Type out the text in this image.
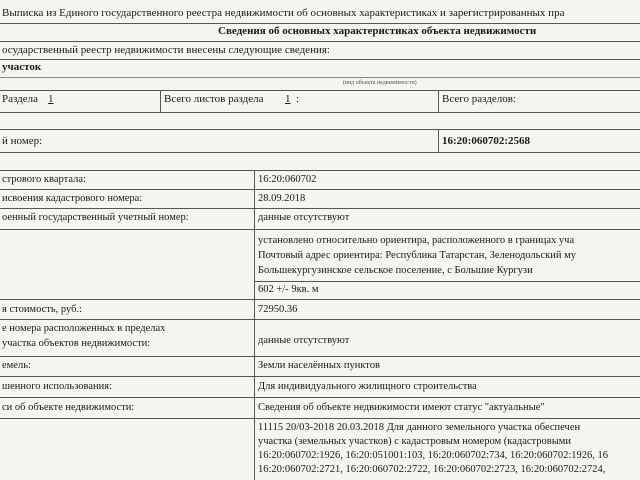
Выписка из Единого государственного реестра недвижимости об основных характеристиках и зарегистрированных пра
Сведения об основных характеристиках объекта недвижимости
осударственный реестр недвижимости внесены следующие сведения:
участок
(вид объекта недвижимости)
Раздела 1	Всего листов раздела 1 :	Всего разделов:
й номер:	16:20:060702:2568
стрового квартала:	16:20:060702
исвоения кадастрового номера:	28.09.2018
оенный государственный учетный номер:	данные отсутствуют
установлено относительно ориентира, расположенного в границах уча
Почтовый адрес ориентира: Республика Татарстан, Зеленодольский му
Большекургузинское сельское поселение, с Большие Кургузи
602 +/- 9кв. м
я стоимость, руб.:	72950.36
е номера расположенных в пределах
участка объектов недвижимости:	данные отсутствуют
емель:	Земли населённых пунктов
шенного использования:	Для индивидуального жилищного строительства
си об объекте недвижимости:	Сведения об объекте недвижимости имеют статус "актуальные"
11115 20/03-2018 20.03.2018 Для данного земельного участка обеспечен
участка (земельных участков) с кадастровым номером (кадастровыми
16:20:060702:1926, 16:20:051001:103, 16:20:060702:734, 16:20:060702:1926, 16
16:20:060702:2721, 16:20:060702:2722, 16:20:060702:2723, 16:20:060702:2724,
